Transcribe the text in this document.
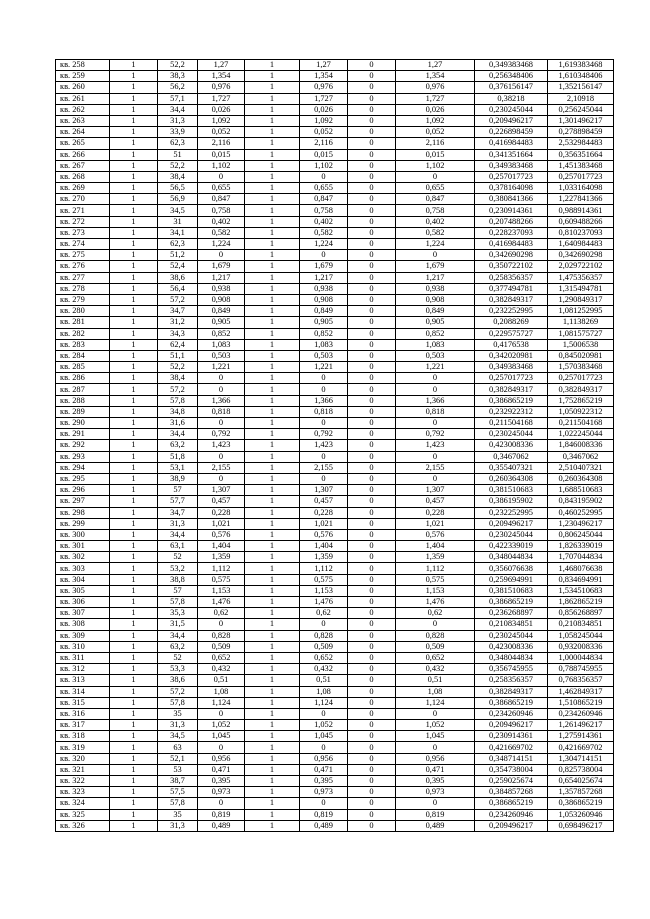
кв. 258	1	52,2	1,27	1	1,27	0	1,27	0,349383468	1,619383468
кв. 259	1	38,3	1,354	1	1,354	0	1,354	0,256348406	1,610348406
кв. 260	1	56,2	0,976	1	0,976	0	0,976	0,376156147	1,352156147
кв. 261	1	57,1	1,727	1	1,727	0	1,727	0,38218	2,10918
кв. 262	1	34,4	0,026	1	0,026	0	0,026	0,230245044	0,256245044
кв. 263	1	31,3	1,092	1	1,092	0	1,092	0,209496217	1,301496217
кв. 264	1	33,9	0,052	1	0,052	0	0,052	0,226898459	0,278898459
кв. 265	1	62,3	2,116	1	2,116	0	2,116	0,416984483	2,532984483
кв. 266	1	51	0,015	1	0,015	0	0,015	0,341351664	0,356351664
кв. 267	1	52,2	1,102	1	1,102	0	1,102	0,349383468	1,451383468
кв. 268	1	38,4	0	1	0	0	0	0,257017723	0,257017723
кв. 269	1	56,5	0,655	1	0,655	0	0,655	0,378164098	1,033164098
кв. 270	1	56,9	0,847	1	0,847	0	0,847	0,380841366	1,227841366
кв. 271	1	34,5	0,758	1	0,758	0	0,758	0,230914361	0,988914361
кв. 272	1	31	0,402	1	0,402	0	0,402	0,207488266	0,609488266
кв. 273	1	34,1	0,582	1	0,582	0	0,582	0,228237093	0,810237093
кв. 274	1	62,3	1,224	1	1,224	0	1,224	0,416984483	1,640984483
кв. 275	1	51,2	0	1	0	0	0	0,342690298	0,342690298
кв. 276	1	52,4	1,679	1	1,679	0	1,679	0,350722102	2,029722102
кв. 277	1	38,6	1,217	1	1,217	0	1,217	0,258356357	1,475356357
кв. 278	1	56,4	0,938	1	0,938	0	0,938	0,377494781	1,315494781
кв. 279	1	57,2	0,908	1	0,908	0	0,908	0,382849317	1,290849317
кв. 280	1	34,7	0,849	1	0,849	0	0,849	0,232252995	1,081252995
кв. 281	1	31,2	0,905	1	0,905	0	0,905	0,2088269	1,1138269
кв. 282	1	34,3	0,852	1	0,852	0	0,852	0,229575727	1,081575727
кв. 283	1	62,4	1,083	1	1,083	0	1,083	0,4176538	1,5006538
кв. 284	1	51,1	0,503	1	0,503	0	0,503	0,342020981	0,845020981
кв. 285	1	52,2	1,221	1	1,221	0	1,221	0,349383468	1,570383468
кв. 286	1	38,4	0	1	0	0	0	0,257017723	0,257017723
кв. 287	1	57,2	0	1	0	0	0	0,382849317	0,382849317
кв. 288	1	57,8	1,366	1	1,366	0	1,366	0,386865219	1,752865219
кв. 289	1	34,8	0,818	1	0,818	0	0,818	0,232922312	1,050922312
кв. 290	1	31,6	0	1	0	0	0	0,211504168	0,211504168
кв. 291	1	34,4	0,792	1	0,792	0	0,792	0,230245044	1,022245044
кв. 292	1	63,2	1,423	1	1,423	0	1,423	0,423008336	1,846008336
кв. 293	1	51,8	0	1	0	0	0	0,3467062	0,3467062
кв. 294	1	53,1	2,155	1	2,155	0	2,155	0,355407321	2,510407321
кв. 295	1	38,9	0	1	0	0	0	0,260364308	0,260364308
кв. 296	1	57	1,307	1	1,307	0	1,307	0,381510683	1,688510683
кв. 297	1	57,7	0,457	1	0,457	0	0,457	0,386195902	0,843195902
кв. 298	1	34,7	0,228	1	0,228	0	0,228	0,232252995	0,460252995
кв. 299	1	31,3	1,021	1	1,021	0	1,021	0,209496217	1,230496217
кв. 300	1	34,4	0,576	1	0,576	0	0,576	0,230245044	0,806245044
кв. 301	1	63,1	1,404	1	1,404	0	1,404	0,422339019	1,826339019
кв. 302	1	52	1,359	1	1,359	0	1,359	0,348044834	1,707044834
кв. 303	1	53,2	1,112	1	1,112	0	1,112	0,356076638	1,468076638
кв. 304	1	38,8	0,575	1	0,575	0	0,575	0,259694991	0,834694991
кв. 305	1	57	1,153	1	1,153	0	1,153	0,381510683	1,534510683
кв. 306	1	57,8	1,476	1	1,476	0	1,476	0,386865219	1,862865219
кв. 307	1	35,3	0,62	1	0,62	0	0,62	0,236268897	0,856268897
кв. 308	1	31,5	0	1	0	0	0	0,210834851	0,210834851
кв. 309	1	34,4	0,828	1	0,828	0	0,828	0,230245044	1,058245044
кв. 310	1	63,2	0,509	1	0,509	0	0,509	0,423008336	0,932008336
кв. 311	1	52	0,652	1	0,652	0	0,652	0,348044834	1,000044834
кв. 312	1	53,3	0,432	1	0,432	0	0,432	0,356745955	0,788745955
кв. 313	1	38,6	0,51	1	0,51	0	0,51	0,258356357	0,768356357
кв. 314	1	57,2	1,08	1	1,08	0	1,08	0,382849317	1,462849317
кв. 315	1	57,8	1,124	1	1,124	0	1,124	0,386865219	1,510865219
кв. 316	1	35	0	1	0	0	0	0,234260946	0,234260946
кв. 317	1	31,3	1,052	1	1,052	0	1,052	0,209496217	1,261496217
кв. 318	1	34,5	1,045	1	1,045	0	1,045	0,230914361	1,275914361
кв. 319	1	63	0	1	0	0	0	0,421669702	0,421669702
кв. 320	1	52,1	0,956	1	0,956	0	0,956	0,348714151	1,304714151
кв. 321	1	53	0,471	1	0,471	0	0,471	0,354738004	0,825738004
кв. 322	1	38,7	0,395	1	0,395	0	0,395	0,259025674	0,654025674
кв. 323	1	57,5	0,973	1	0,973	0	0,973	0,384857268	1,357857268
кв. 324	1	57,8	0	1	0	0	0	0,386865219	0,386865219
кв. 325	1	35	0,819	1	0,819	0	0,819	0,234260946	1,053260946
кв. 326	1	31,3	0,489	1	0,489	0	0,489	0,209496217	0,698496217
